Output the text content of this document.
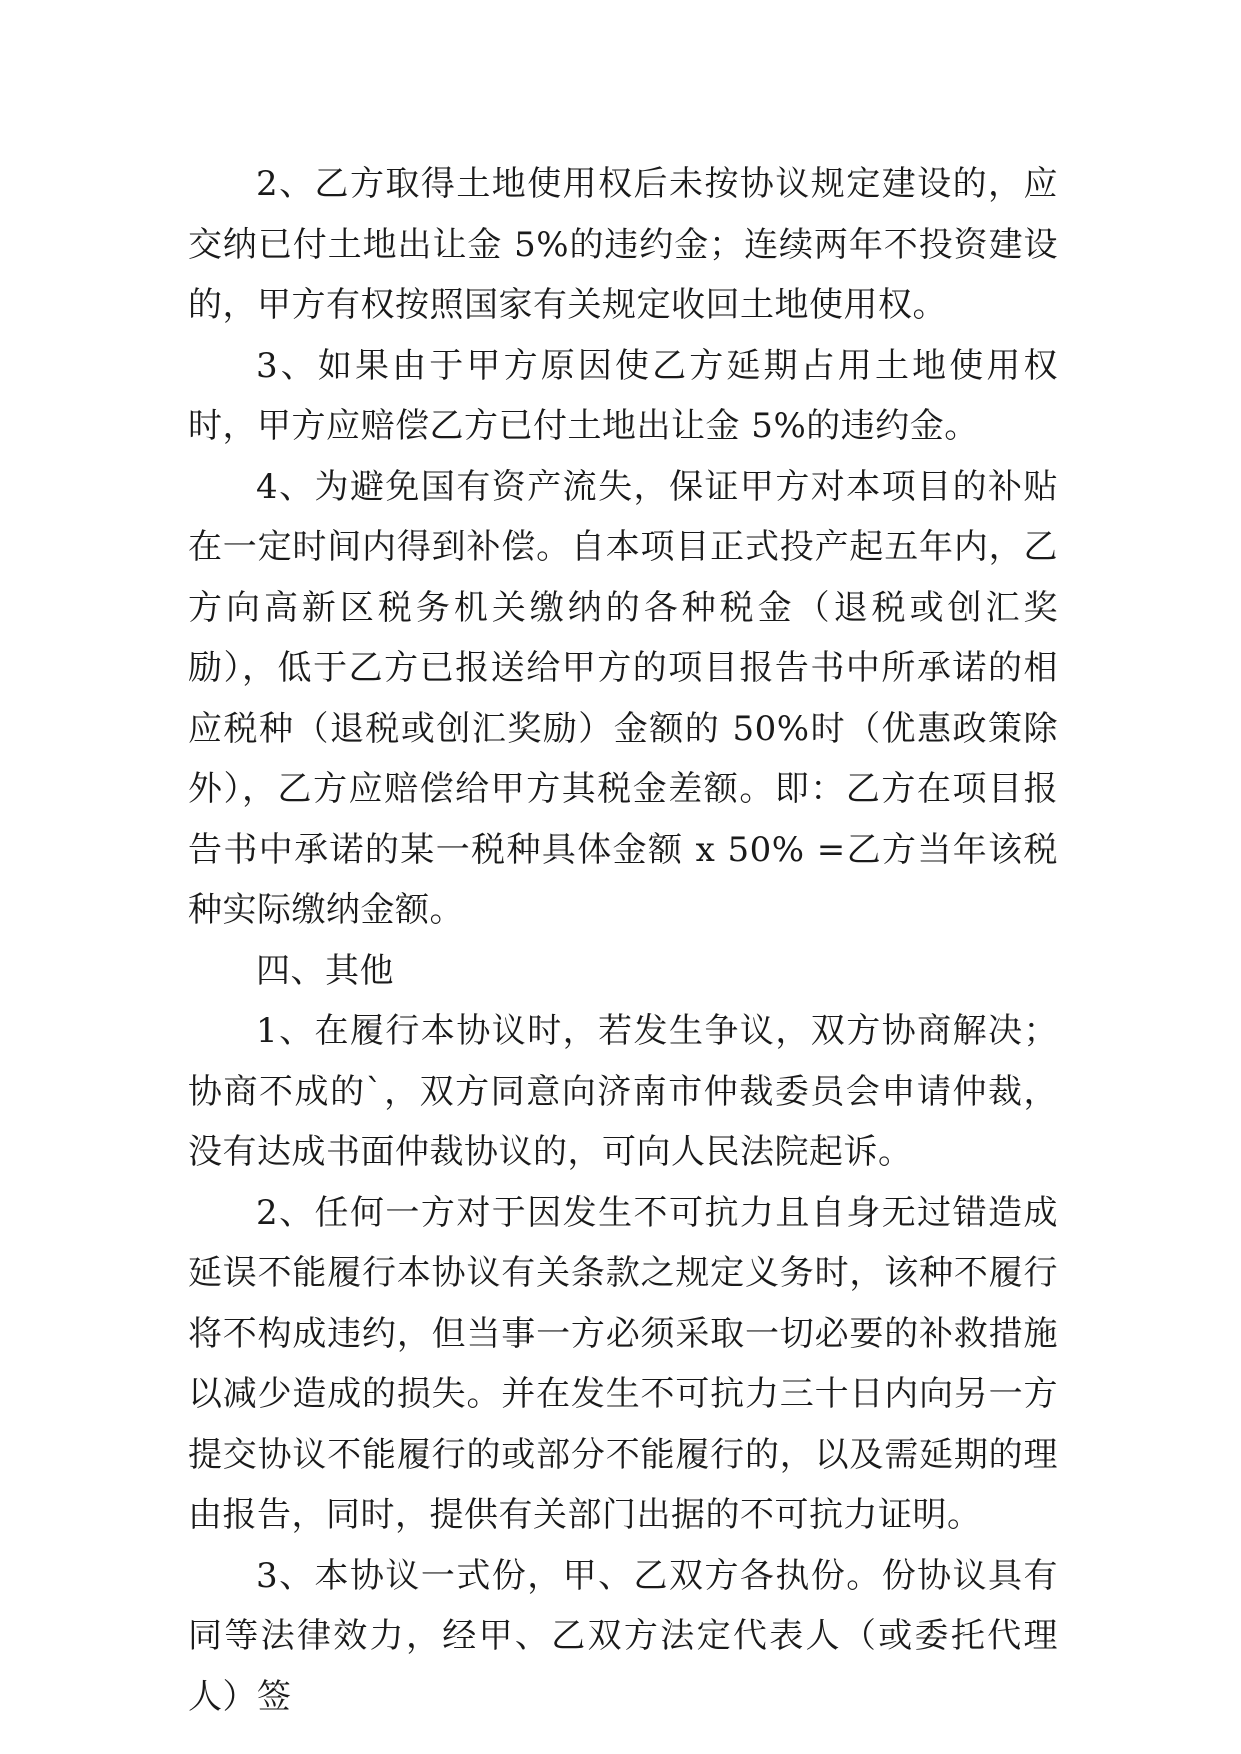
2、乙方取得土地使用权后未按协议规定建设的，应交纳已付土地出让金 5%的违约金；连续两年不投资建设的，甲方有权按照国家有关规定收回土地使用权。

3、如果由于甲方原因使乙方延期占用土地使用权时，甲方应赔偿乙方已付土地出让金 5%的违约金。

4、为避免国有资产流失，保证甲方对本项目的补贴在一定时间内得到补偿。自本项目正式投产起五年内，乙方向高新区税务机关缴纳的各种税金（退税或创汇奖励），低于乙方已报送给甲方的项目报告书中所承诺的相应税种（退税或创汇奖励）金额的 50%时（优惠政策除外），乙方应赔偿给甲方其税金差额。即：乙方在项目报告书中承诺的某一税种具体金额 x 50% =乙方当年该税种实际缴纳金额。

四、其他

1、在履行本协议时，若发生争议，双方协商解决；协商不成的`，双方同意向济南市仲裁委员会申请仲裁，没有达成书面仲裁协议的，可向人民法院起诉。

2、任何一方对于因发生不可抗力且自身无过错造成延误不能履行本协议有关条款之规定义务时，该种不履行将不构成违约，但当事一方必须采取一切必要的补救措施以减少造成的损失。并在发生不可抗力三十日内向另一方提交协议不能履行的或部分不能履行的，以及需延期的理由报告，同时，提供有关部门出据的不可抗力证明。

3、本协议一式份，甲、乙双方各执份。份协议具有同等法律效力，经甲、乙双方法定代表人（或委托代理人）签
